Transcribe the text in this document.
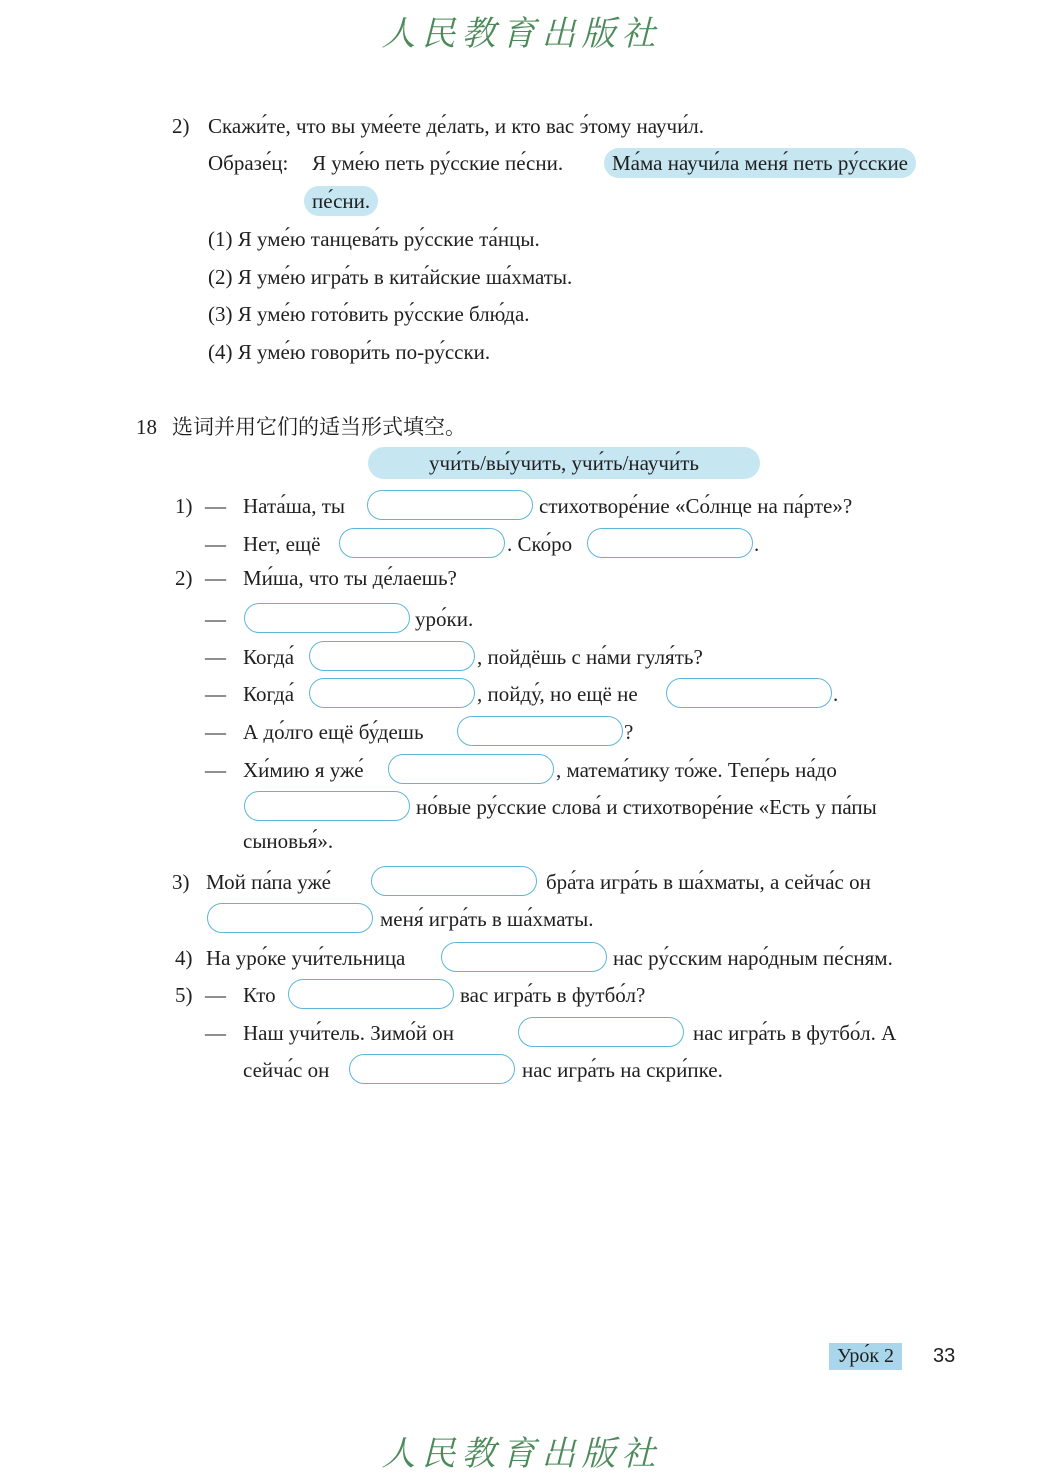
人民教育出版社
2) Скажи́те, что вы уме́ете де́лать, и кто вас э́тому научи́л.
Образе́ц: Я уме́ю петь ру́сские пе́сни.	Ма́ма научи́ла меня́ петь ру́сские
пе́сни.
(1) Я уме́ю танцева́ть ру́сские та́нцы.
(2) Я уме́ю игра́ть в кита́йские ша́хматы.
(3) Я уме́ю гото́вить ру́сские блю́да.
(4) Я уме́ю говори́ть по-ру́сски.
18 选词并用它们的适当形式填空。
учи́ть/вы́учить, учи́ть/научи́ть
1) — Ната́ша, ты	стихотворе́ние «Со́лнце на па́рте»?
— Нет, ещё	. Ско́ро	.
2) — Ми́ша, что ты де́лаешь?
—	уро́ки.
— Когда́	, пойдёшь с на́ми гуля́ть?
— Когда́	, пойду́, но ещё не	.
— А до́лго ещё бу́дешь	?
— Хи́мию я уже́	, матема́тику то́же. Тепе́рь на́до
но́вые ру́сские слова́ и стихотворе́ние «Есть у па́пы
сыновья́».
3) Мой па́па уже́	бра́та игра́ть в ша́хматы, а сейча́с он
меня́ игра́ть в ша́хматы.
4) На уро́ке учи́тельница	нас ру́сским наро́дным пе́сням.
5) — Кто	вас игра́ть в футбо́л?
— Наш учи́тель. Зимо́й он	нас игра́ть в футбо́л. А
сейча́с он	нас игра́ть на скри́пке.
Уро́к 2	33
人民教育出版社
